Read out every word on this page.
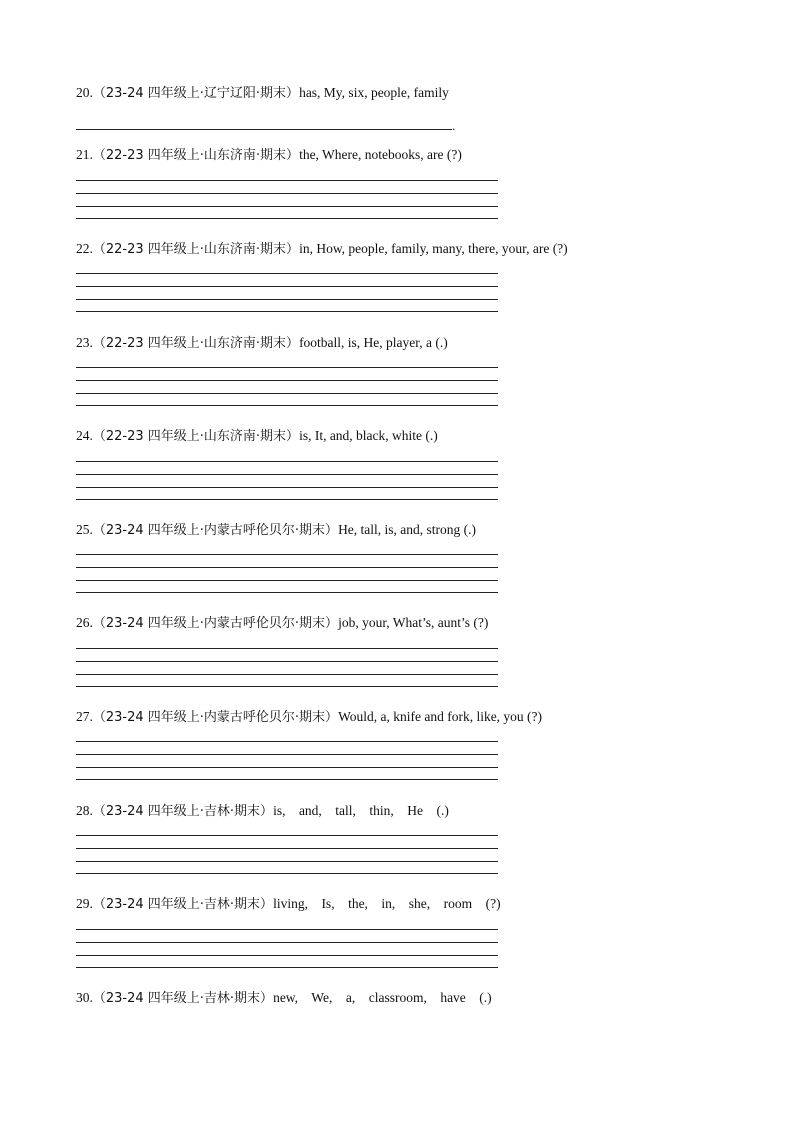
20.（23-24 四年级上·辽宁辽阳·期末）has, My, six, people, family
.
21.（22-23 四年级上·山东济南·期末）the, Where, notebooks, are (?)
22.（22-23 四年级上·山东济南·期末）in, How, people, family, many, there, your, are (?)
23.（22-23 四年级上·山东济南·期末）football, is, He, player, a (.)
24.（22-23 四年级上·山东济南·期末）is, It, and, black, white (.)
25.（23-24 四年级上·内蒙古呼伦贝尔·期末）He, tall, is, and, strong (.)
26.（23-24 四年级上·内蒙古呼伦贝尔·期末）job, your, What’s, aunt’s (?)
27.（23-24 四年级上·内蒙古呼伦贝尔·期末）Would, a, knife and fork, like, you (?)
28.（23-24 四年级上·吉林·期末）is,    and,    tall,    thin,    He    (.)
29.（23-24 四年级上·吉林·期末）living,    Is,    the,    in,    she,    room    (?)
30.（23-24 四年级上·吉林·期末）new,    We,    a,    classroom,    have    (.)
